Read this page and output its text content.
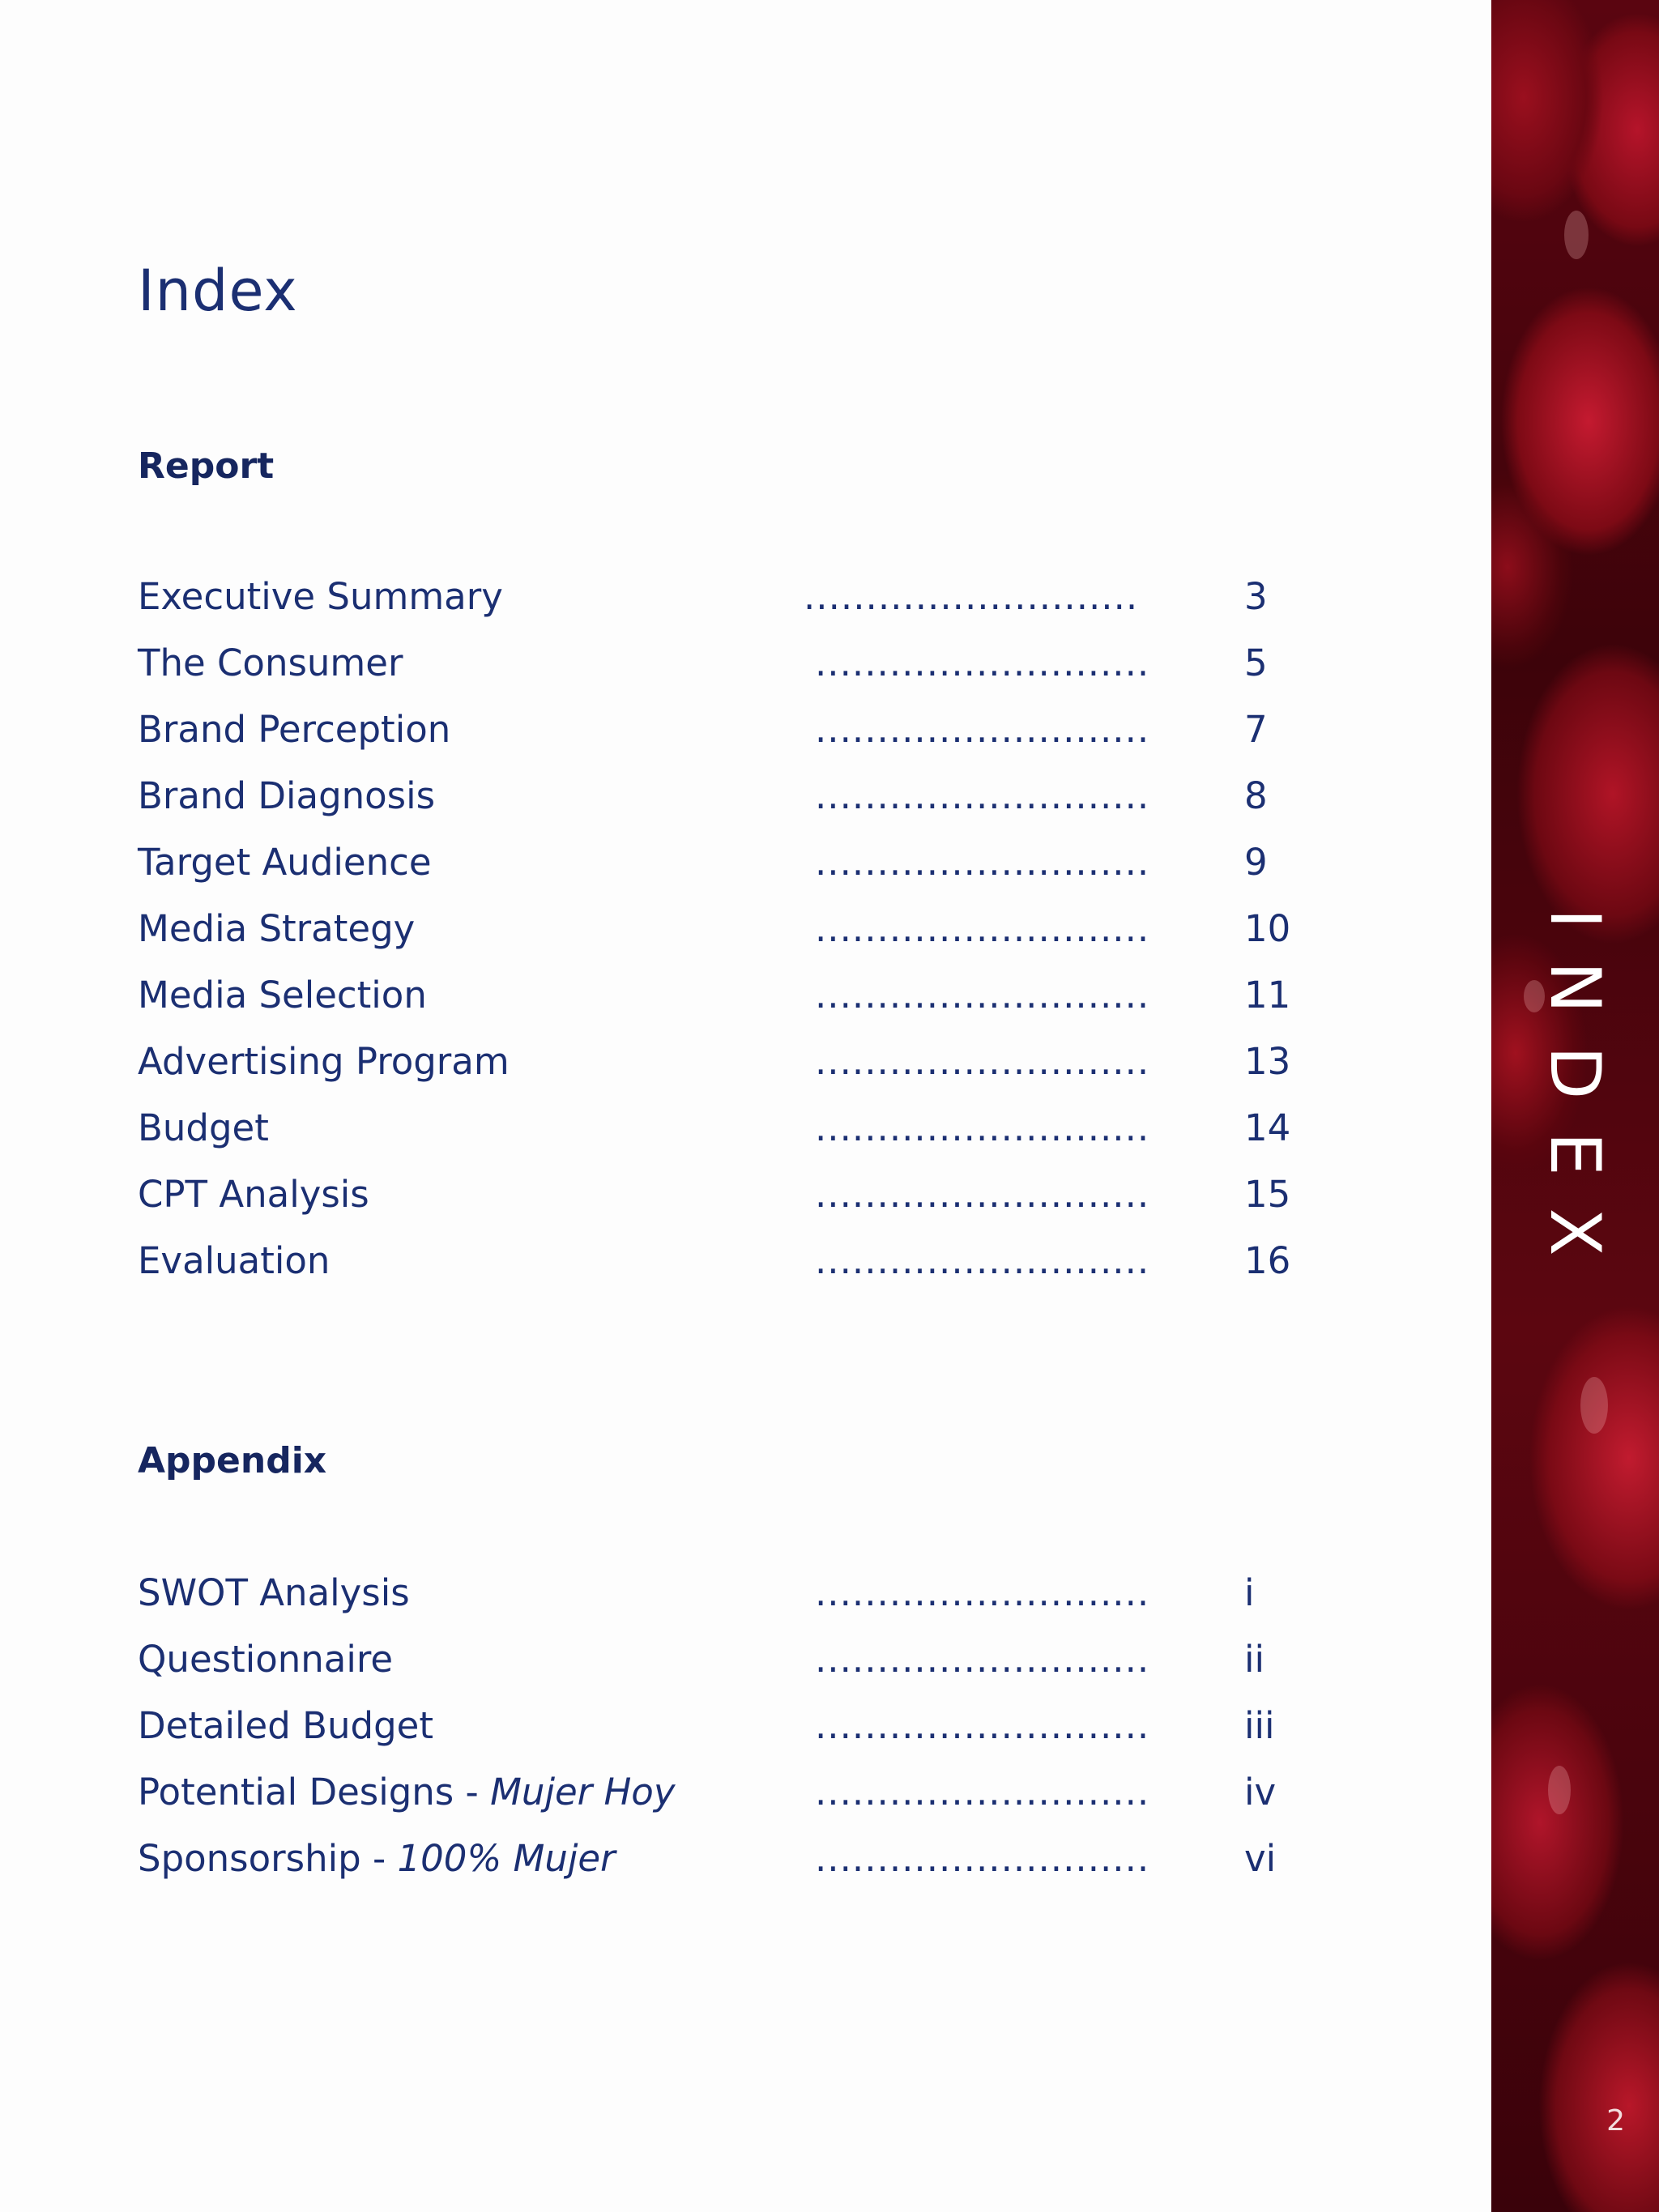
Index
Report
Executive Summary	...........................	3
The Consumer	...........................	5
Brand Perception	...........................	7
Brand Diagnosis	...........................	8
Target Audience	...........................	9
Media Strategy	...........................	10
Media Selection	...........................	11
Advertising Program	...........................	13
Budget	...........................	14
CPT Analysis	...........................	15
Evaluation	...........................	16
Appendix
SWOT Analysis	...........................	i
Questionnaire	...........................	ii
Detailed Budget	...........................	iii
Potential Designs - Mujer Hoy	...........................	iv
Sponsorship - 100% Mujer	...........................	vi
INDEX
2
